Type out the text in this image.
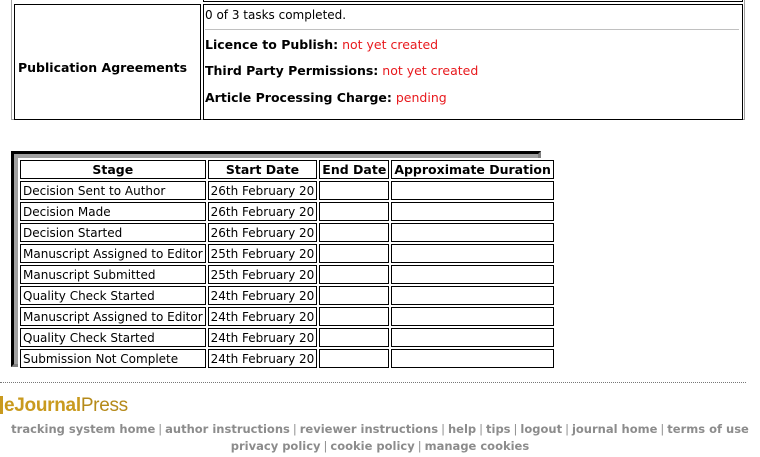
Publication Agreements
0 of 3 tasks completed.
Licence to Publish: not yet created
Third Party Permissions: not yet created
Article Processing Charge: pending
Stage	Start Date	End Date	Approximate Duration
Decision Sent to Author	26th February 20		
Decision Made	26th February 20		
Decision Started	26th February 20		
Manuscript Assigned to Editor	25th February 20		
Manuscript Submitted	25th February 20		
Quality Check Started	24th February 20		
Manuscript Assigned to Editor	24th February 20		
Quality Check Started	24th February 20		
Submission Not Complete	24th February 20		
eJournalPress
tracking system home | author instructions | reviewer instructions | help | tips | logout | journal home | terms of use
privacy policy | cookie policy | manage cookies
